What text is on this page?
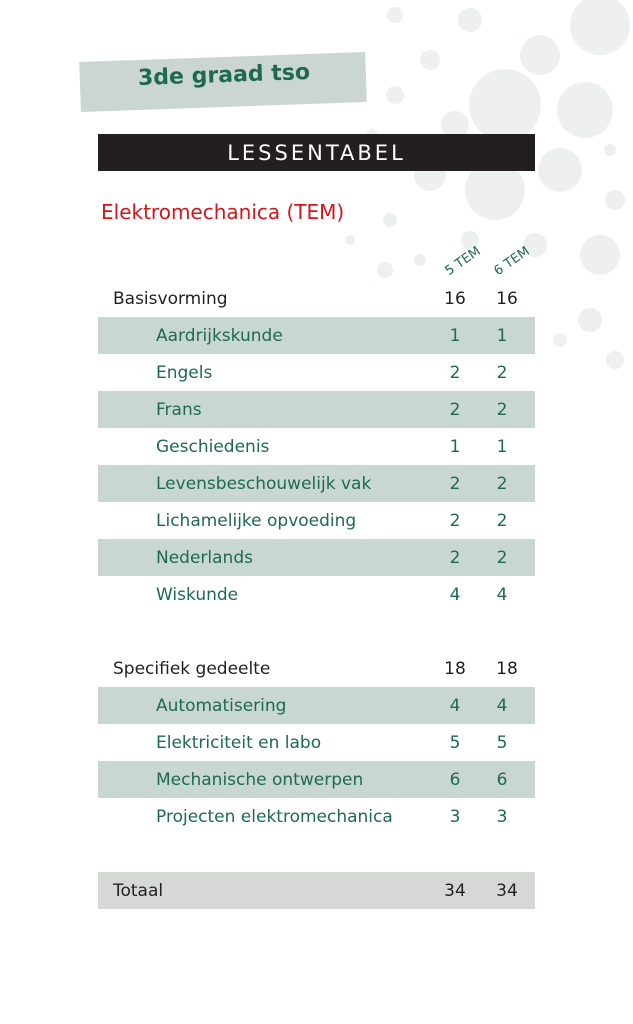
3de graad tso
LESSENTABEL
Elektromechanica (TEM)
5 TEM 6 TEM
Basisvorming	16	16
Aardrijkskunde	1	1
Engels	2	2
Frans	2	2
Geschiedenis	1	1
Levensbeschouwelijk vak	2	2
Lichamelijke opvoeding	2	2
Nederlands	2	2
Wiskunde	4	4
Specifiek gedeelte	18	18
Automatisering	4	4
Elektriciteit en labo	5	5
Mechanische ontwerpen	6	6
Projecten elektromechanica	3	3
Totaal	34	34
